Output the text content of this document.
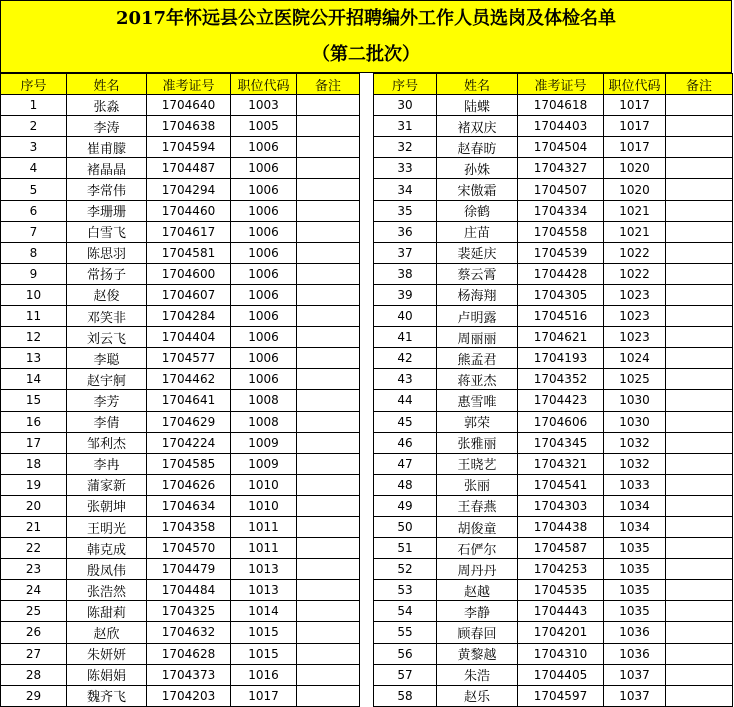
2017年怀远县公立医院公开招聘编外工作人员选岗及体检名单
（第二批次）
序号	姓名	准考证号	职位代码	备注
1	张淼	1704640	1003	
2	李涛	1704638	1005	
3	崔甫朦	1704594	1006	
4	褚晶晶	1704487	1006	
5	李常伟	1704294	1006	
6	李珊珊	1704460	1006	
7	白雪飞	1704617	1006	
8	陈思羽	1704581	1006	
9	常扬子	1704600	1006	
10	赵俊	1704607	1006	
11	邓笑非	1704284	1006	
12	刘云飞	1704404	1006	
13	李聪	1704577	1006	
14	赵宇舸	1704462	1006	
15	李芳	1704641	1008	
16	李倩	1704629	1008	
17	邹利杰	1704224	1009	
18	李冉	1704585	1009	
19	蒲家新	1704626	1010	
20	张朝坤	1704634	1010	
21	王明光	1704358	1011	
22	韩克成	1704570	1011	
23	殷凤伟	1704479	1013	
24	张浩然	1704484	1013	
25	陈甜莉	1704325	1014	
26	赵欣	1704632	1015	
27	朱妍妍	1704628	1015	
28	陈娟娟	1704373	1016	
29	魏齐飞	1704203	1017	
序号	姓名	准考证号	职位代码	备注
30	陆蝶	1704618	1017	
31	褚双庆	1704403	1017	
32	赵春昉	1704504	1017	
33	孙姝	1704327	1020	
34	宋傲霜	1704507	1020	
35	徐鹤	1704334	1021	
36	庄苗	1704558	1021	
37	裴延庆	1704539	1022	
38	蔡云霄	1704428	1022	
39	杨海翔	1704305	1023	
40	卢明露	1704516	1023	
41	周丽丽	1704621	1023	
42	熊孟君	1704193	1024	
43	蒋亚杰	1704352	1025	
44	惠雪唯	1704423	1030	
45	郭荣	1704606	1030	
46	张雅丽	1704345	1032	
47	王晓艺	1704321	1032	
48	张丽	1704541	1033	
49	王春燕	1704303	1034	
50	胡俊童	1704438	1034	
51	石俨尔	1704587	1035	
52	周丹丹	1704253	1035	
53	赵越	1704535	1035	
54	李静	1704443	1035	
55	顾春回	1704201	1036	
56	黄黎越	1704310	1036	
57	朱浩	1704405	1037	
58	赵乐	1704597	1037	
